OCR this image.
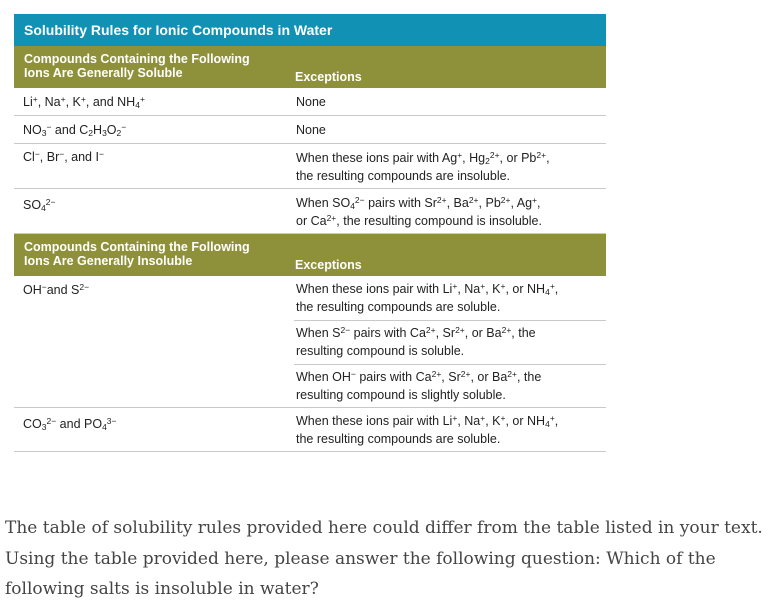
Solubility Rules for Ionic Compounds in Water
Compounds Containing the Following
Ions Are Generally Soluble	Exceptions
Li+, Na+, K+, and $NH_4^+$	None
$NO_3^-$ and $C_2H_3O_2^-$	None
Cl−, Br−, and I−	When these ions pair with Ag+, $Hg_2^{2+}$, or $Pb^{2+}$,
the resulting compounds are insoluble.
$SO_4^{2-}$	When $SO_4^{2-}$ pairs with $Sr^{2+}$, $Ba^{2+}$, $Pb^{2+}$, Ag+,
or $Ca^{2+}$, the resulting compound is insoluble.
Compounds Containing the Following
Ions Are Generally Insoluble	Exceptions
OH−and $S^{2-}$	When these ions pair with Li+, Na+, K+, or $NH_4^+$,
the resulting compounds are soluble.
When $S^{2-}$ pairs with $Ca^{2+}$, $Sr^{2+}$, or $Ba^{2+}$, the
resulting compound is soluble.
When OH− pairs with $Ca^{2+}$, $Sr^{2+}$, or $Ba^{2+}$, the
resulting compound is slightly soluble.
$CO_3^{2-}$ and $PO_4^{3-}$	When these ions pair with Li+, Na+, K+, or $NH_4^+$,
the resulting compounds are soluble.
The table of solubility rules provided here could differ from the table listed in your text. Using the table provided here, please answer the following question: Which of the following salts is insoluble in water?
